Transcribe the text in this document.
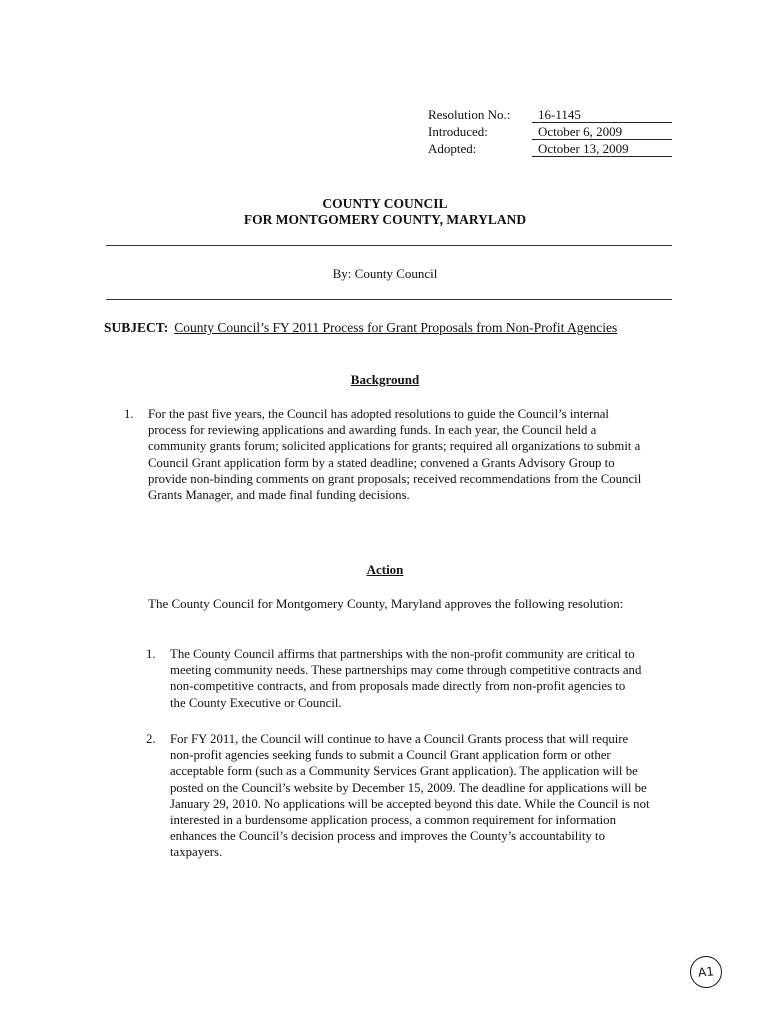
Resolution No.:	16-1145
Introduced:	October 6, 2009
Adopted:	October 13, 2009
COUNTY COUNCIL
FOR MONTGOMERY COUNTY, MARYLAND
By: County Council
SUBJECT: County Council’s FY 2011 Process for Grant Proposals from Non-Profit Agencies
Background
1. For the past five years, the Council has adopted resolutions to guide the Council’s internal process for reviewing applications and awarding funds. In each year, the Council held a community grants forum; solicited applications for grants; required all organizations to submit a Council Grant application form by a stated deadline; convened a Grants Advisory Group to provide non-binding comments on grant proposals; received recommendations from the Council Grants Manager, and made final funding decisions.
Action
The County Council for Montgomery County, Maryland approves the following resolution:
1. The County Council affirms that partnerships with the non-profit community are critical to meeting community needs. These partnerships may come through competitive contracts and non-competitive contracts, and from proposals made directly from non-profit agencies to the County Executive or Council.
2. For FY 2011, the Council will continue to have a Council Grants process that will require non-profit agencies seeking funds to submit a Council Grant application form or other acceptable form (such as a Community Services Grant application). The application will be posted on the Council’s website by December 15, 2009. The deadline for applications will be January 29, 2010. No applications will be accepted beyond this date. While the Council is not interested in a burdensome application process, a common requirement for information enhances the Council’s decision process and improves the County’s accountability to taxpayers.
A1
